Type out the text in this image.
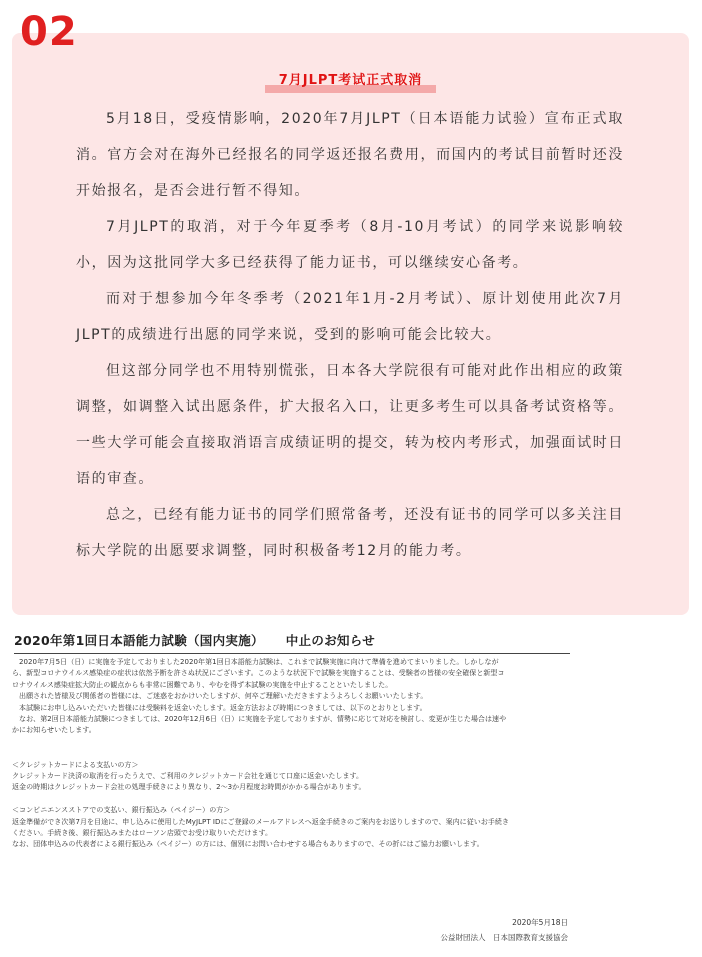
02
7月JLPT考试正式取消

5月18日，受疫情影响，2020年7月JLPT（日本语能力试验）宣布正式取消。官方会对在海外已经报名的同学返还报名费用，而国内的考试目前暂时还没开始报名，是否会进行暂不得知。

7月JLPT的取消，对于今年夏季考（8月-10月考试）的同学来说影响较小，因为这批同学大多已经获得了能力证书，可以继续安心备考。

而对于想参加今年冬季考（2021年1月-2月考试）、原计划使用此次7月JLPT的成绩进行出愿的同学来说，受到的影响可能会比较大。

但这部分同学也不用特别慌张，日本各大学院很有可能对此作出相应的政策调整，如调整入试出愿条件，扩大报名入口，让更多考生可以具备考试资格等。一些大学可能会直接取消语言成绩证明的提交，转为校内考形式，加强面试时日语的审查。

总之，已经有能力证书的同学们照常备考，还没有证书的同学可以多关注目标大学院的出愿要求调整，同时积极备考12月的能力考。

2020年第1回日本語能力試験（国内実施） 中止のお知らせ
　2020年7月5日（日）に実施を予定しておりました2020年第1回日本語能力試験は、これまで試験実施に向けて準備を進めてまいりました。しかしなが
ら、新型コロナウイルス感染症の症状は依然予断を許さぬ状況にございます。このような状況下で試験を実施することは、受験者の皆様の安全確保と新型コ
ロナウイルス感染症拡大防止の観点からも非常に困難であり、やむを得ず本試験の実施を中止することといたしました。
　出願された皆様及び関係者の皆様には、ご迷惑をおかけいたしますが、何卒ご理解いただきますようよろしくお願いいたします。
　本試験にお申し込みいただいた皆様には受験料を返金いたします。返金方法および時期につきましては、以下のとおりとします。
　なお、第2回日本語能力試験につきましては、2020年12月6日（日）に実施を予定しておりますが、情勢に応じて対応を検討し、変更が生じた場合は速や
かにお知らせいたします。
＜クレジットカードによる支払いの方＞
クレジットカード決済の取消を行ったうえで、ご利用のクレジットカード会社を通じて口座に返金いたします。
返金の時期はクレジットカード会社の処理手続きにより異なり、2〜3か月程度お時間がかかる場合があります。
＜コンビニエンスストアでの支払い、銀行振込み（ペイジー）の方＞
返金準備ができ次第7月を目途に、申し込みに使用したMyJLPT IDにご登録のメールアドレスへ返金手続きのご案内をお送りしますので、案内に従いお手続き
ください。手続き後、銀行振込みまたはローソン店頭でお受け取りいただけます。
なお、団体申込みの代表者による銀行振込み（ペイジー）の方には、個別にお問い合わせする場合もありますので、その折にはご協力お願いします。
2020年5月18日
公益財団法人　日本国際教育支援協会
